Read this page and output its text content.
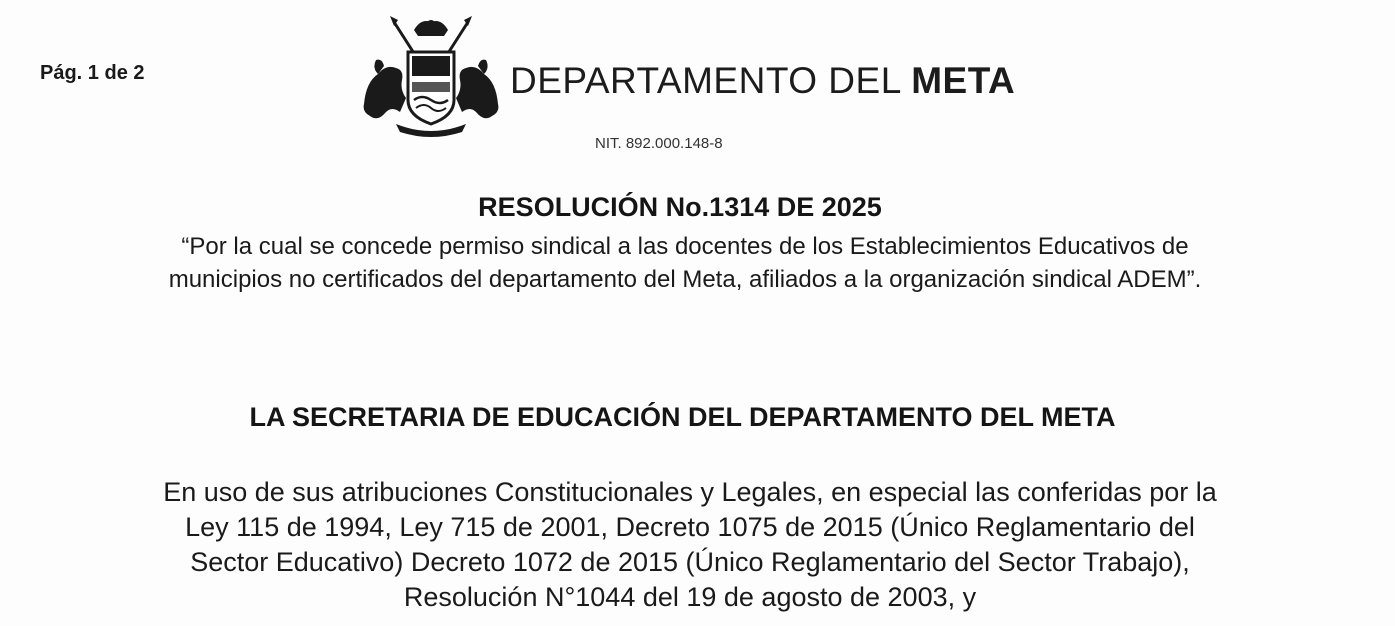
Pág. 1 de 2	DEPARTAMENTO DEL META
NIT. 892.000.148-8
RESOLUCIÓN No.1314 DE 2025
“Por la cual se concede permiso sindical a las docentes de los Establecimientos Educativos de
municipios no certificados del departamento del Meta, afiliados a la organización sindical ADEM”.
LA SECRETARIA DE EDUCACIÓN DEL DEPARTAMENTO DEL META
En uso de sus atribuciones Constitucionales y Legales, en especial las conferidas por la
Ley 115 de 1994, Ley 715 de 2001, Decreto 1075 de 2015 (Único Reglamentario del
Sector Educativo) Decreto 1072 de 2015 (Único Reglamentario del Sector Trabajo),
Resolución N°1044 del 19 de agosto de 2003, y
